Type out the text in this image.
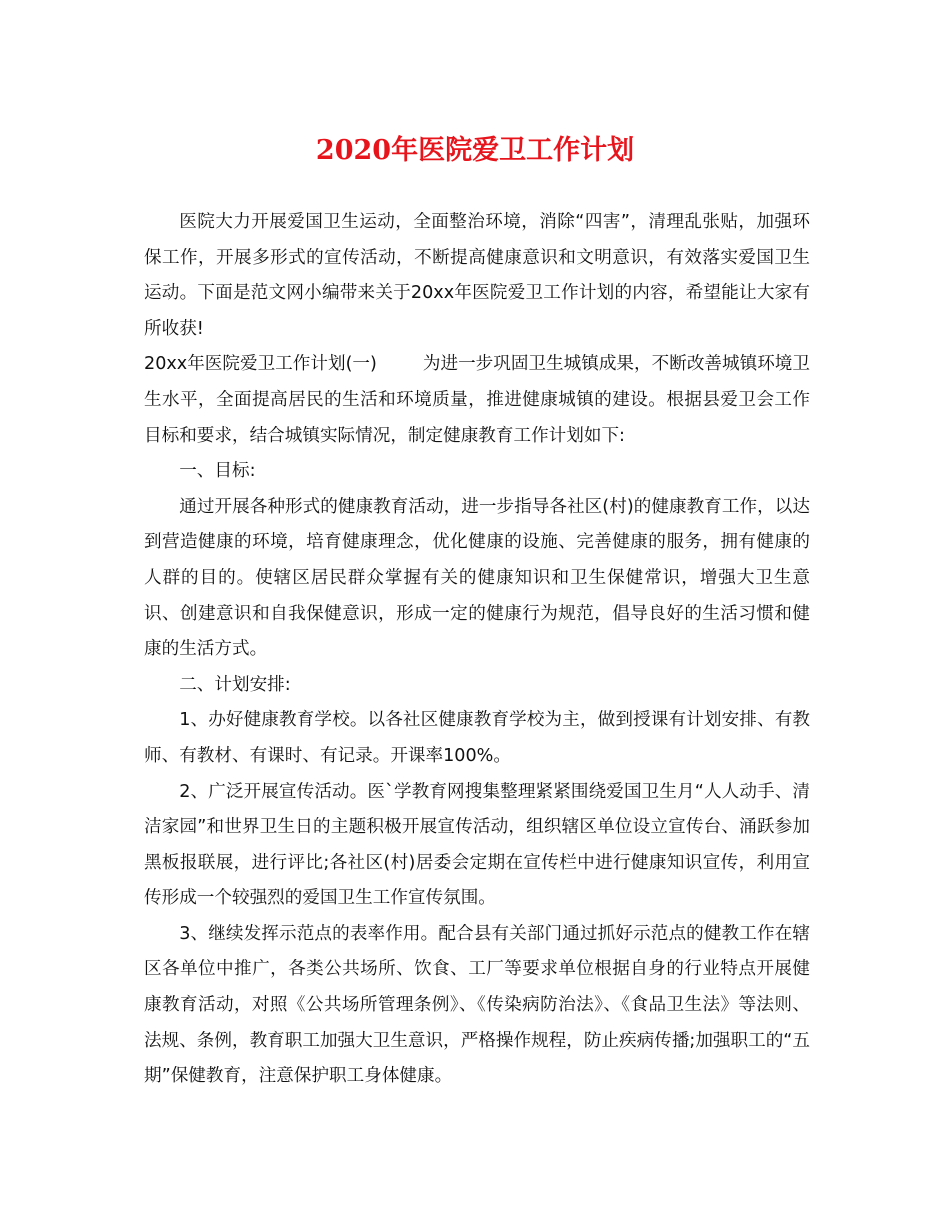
2020年医院爱卫工作计划

医院大力开展爱国卫生运动，全面整治环境，消除“四害”，清理乱张贴，加强环保工作，开展多形式的宣传活动，不断提高健康意识和文明意识，有效落实爱国卫生运动。下面是范文网小编带来关于20xx年医院爱卫工作计划的内容，希望能让大家有所收获!

20xx年医院爱卫工作计划(一)	为进一步巩固卫生城镇成果，不断改善城镇环境卫生水平，全面提高居民的生活和环境质量，推进健康城镇的建设。根据县爱卫会工作目标和要求，结合城镇实际情况，制定健康教育工作计划如下:

一、目标:

通过开展各种形式的健康教育活动，进一步指导各社区(村)的健康教育工作，以达到营造健康的环境，培育健康理念，优化健康的设施、完善健康的服务，拥有健康的人群的目的。使辖区居民群众掌握有关的健康知识和卫生保健常识，增强大卫生意识、创建意识和自我保健意识，形成一定的健康行为规范，倡导良好的生活习惯和健康的生活方式。

二、计划安排:

1、办好健康教育学校。以各社区健康教育学校为主，做到授课有计划安排、有教师、有教材、有课时、有记录。开课率100%。

2、广泛开展宣传活动。医`学教育网搜集整理紧紧围绕爱国卫生月“人人动手、清洁家园”和世界卫生日的主题积极开展宣传活动，组织辖区单位设立宣传台、涌跃参加黑板报联展，进行评比;各社区(村)居委会定期在宣传栏中进行健康知识宣传，利用宣传形成一个较强烈的爱国卫生工作宣传氛围。

3、继续发挥示范点的表率作用。配合县有关部门通过抓好示范点的健教工作在辖区各单位中推广，各类公共场所、饮食、工厂等要求单位根据自身的行业特点开展健康教育活动，对照《公共场所管理条例》、《传染病防治法》、《食品卫生法》等法则、法规、条例，教育职工加强大卫生意识，严格操作规程，防止疾病传播;加强职工的“五期”保健教育，注意保护职工身体健康。
